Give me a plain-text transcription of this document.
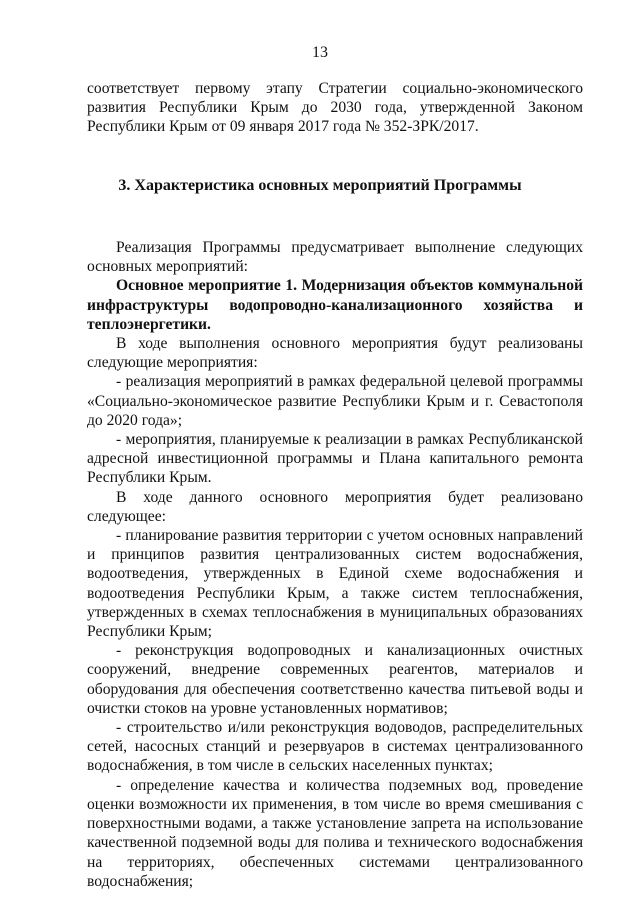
13

соответствует первому этапу Стратегии социально-экономического развития Республики Крым до 2030 года, утвержденной Законом Республики Крым от 09 января 2017 года № 352-ЗРК/2017.

3. Характеристика основных мероприятий Программы

Реализация Программы предусматривает выполнение следующих основных мероприятий:

Основное мероприятие 1. Модернизация объектов коммунальной инфраструктуры водопроводно-канализационного хозяйства и теплоэнергетики.

В ходе выполнения основного мероприятия будут реализованы следующие мероприятия:

- реализация мероприятий в рамках федеральной целевой программы «Социально-экономическое развитие Республики Крым и г. Севастополя до 2020 года»;

- мероприятия, планируемые к реализации в рамках Республиканской адресной инвестиционной программы и Плана капитального ремонта Республики Крым.

В ходе данного основного мероприятия будет реализовано следующее:

- планирование развития территории с учетом основных направлений и принципов развития централизованных систем водоснабжения, водоотведения, утвержденных в Единой схеме водоснабжения и водоотведения Республики Крым, а также систем теплоснабжения, утвержденных в схемах теплоснабжения в муниципальных образованиях Республики Крым;

- реконструкция водопроводных и канализационных очистных сооружений, внедрение современных реагентов, материалов и оборудования для обеспечения соответственно качества питьевой воды и очистки стоков на уровне установленных нормативов;

- строительство и/или реконструкция водоводов, распределительных сетей, насосных станций и резервуаров в системах централизованного водоснабжения, в том числе в сельских населенных пунктах;

- определение качества и количества подземных вод, проведение оценки возможности их применения, в том числе во время смешивания с поверхностными водами, а также установление запрета на использование качественной подземной воды для полива и технического водоснабжения на территориях, обеспеченных системами централизованного водоснабжения;
